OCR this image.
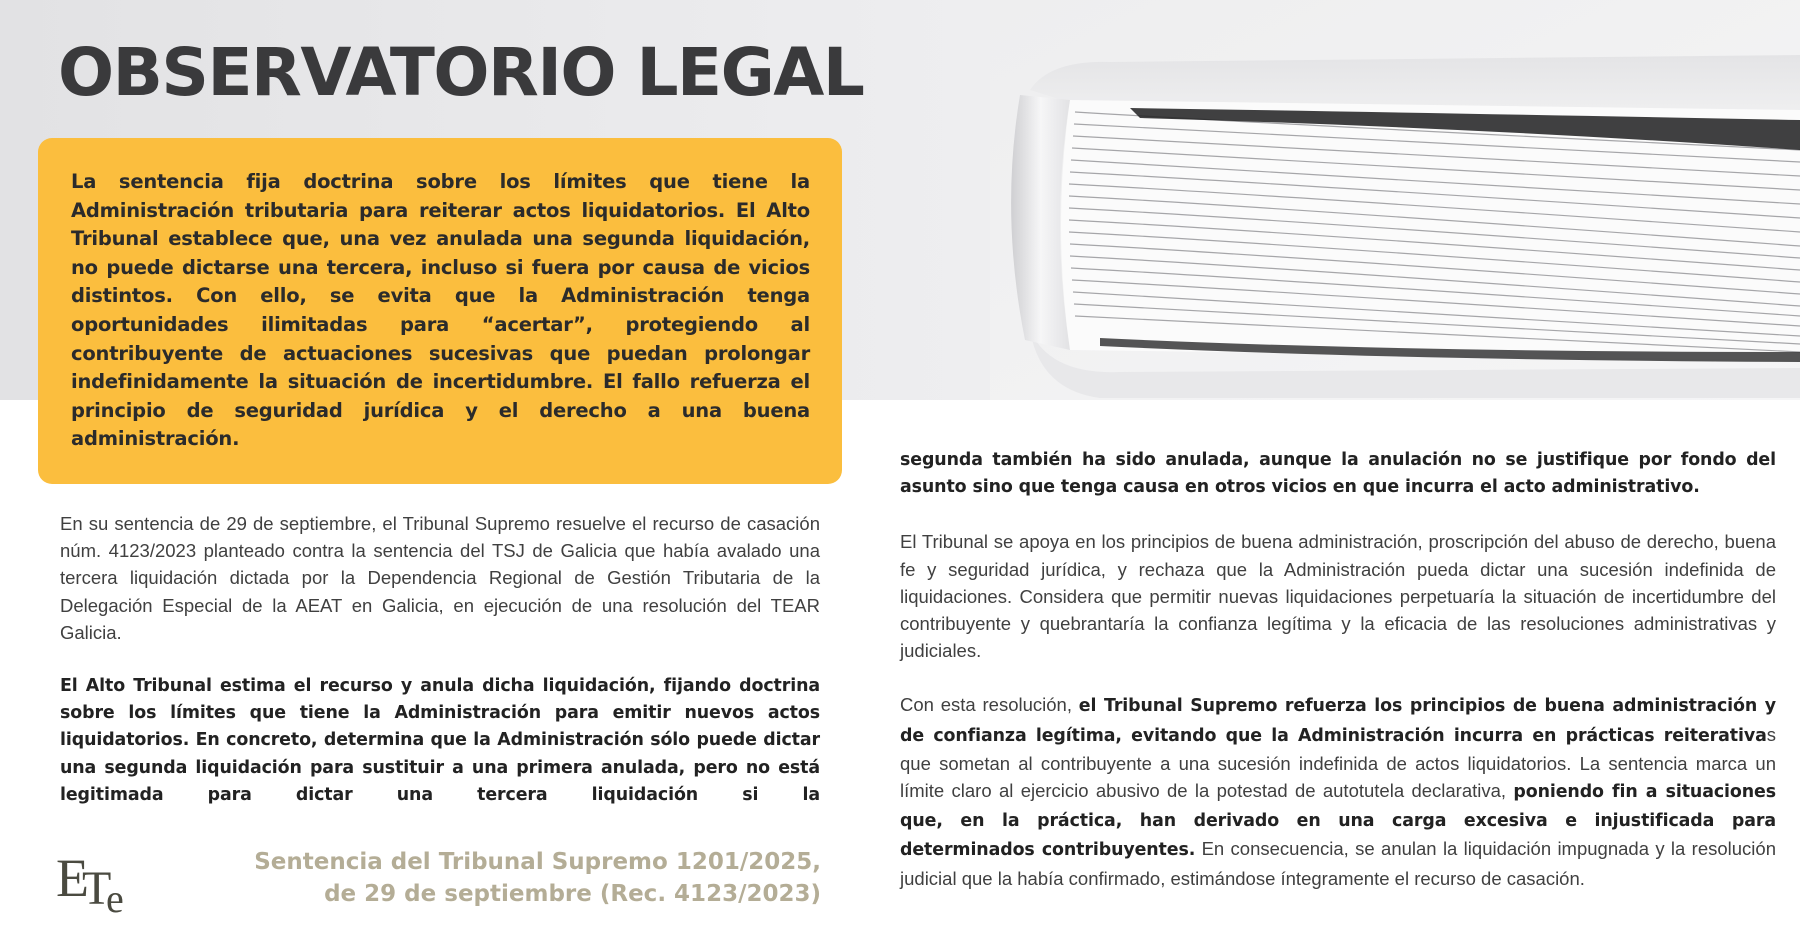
OBSERVATORIO LEGAL

La sentencia fija doctrina sobre los límites que tiene la Administración tributaria para reiterar actos liquidatorios. El Alto Tribunal establece que, una vez anulada una segunda liquidación, no puede dictarse una tercera, incluso si fuera por causa de vicios distintos. Con ello, se evita que la Administración tenga oportunidades ilimitadas para “acertar”, protegiendo al contribuyente de actuaciones sucesivas que puedan prolongar indefinidamente la situación de incertidumbre. El fallo refuerza el principio de seguridad jurídica y el derecho a una buena administración.

En su sentencia de 29 de septiembre, el Tribunal Supremo resuelve el recurso de casación núm. 4123/2023 planteado contra la sentencia del TSJ de Galicia que había avalado una tercera liquidación dictada por la Dependencia Regional de Gestión Tributaria de la Delegación Especial de la AEAT en Galicia, en ejecución de una resolución del TEAR Galicia.

El Alto Tribunal estima el recurso y anula dicha liquidación, fijando doctrina sobre los límites que tiene la Administración para emitir nuevos actos liquidatorios. En concreto, determina que la Administración sólo puede dictar una segunda liquidación para sustituir a una primera anulada, pero no está legitimada para dictar una tercera liquidación si la

segunda también ha sido anulada, aunque la anulación no se justifique por fondo del asunto sino que tenga causa en otros vicios en que incurra el acto administrativo.

El Tribunal se apoya en los principios de buena administración, proscripción del abuso de derecho, buena fe y seguridad jurídica, y rechaza que la Administración pueda dictar una sucesión indefinida de liquidaciones. Considera que permitir nuevas liquidaciones perpetuaría la situación de incertidumbre del contribuyente y quebrantaría la confianza legítima y la eficacia de las resoluciones administrativas y judiciales.

Con esta resolución, el Tribunal Supremo refuerza los principios de buena administración y de confianza legítima, evitando que la Administración incurra en prácticas reiterativas que sometan al contribuyente a una sucesión indefinida de actos liquidatorios. La sentencia marca un límite claro al ejercicio abusivo de la potestad de autotutela declarativa, poniendo fin a situaciones que, en la práctica, han derivado en una carga excesiva e injustificada para determinados contribuyentes. En consecuencia, se anulan la liquidación impugnada y la resolución judicial que la había confirmado, estimándose íntegramente el recurso de casación.

E
T
e
Sentencia del Tribunal Supremo 1201/2025,
de 29 de septiembre (Rec. 4123/2023)
